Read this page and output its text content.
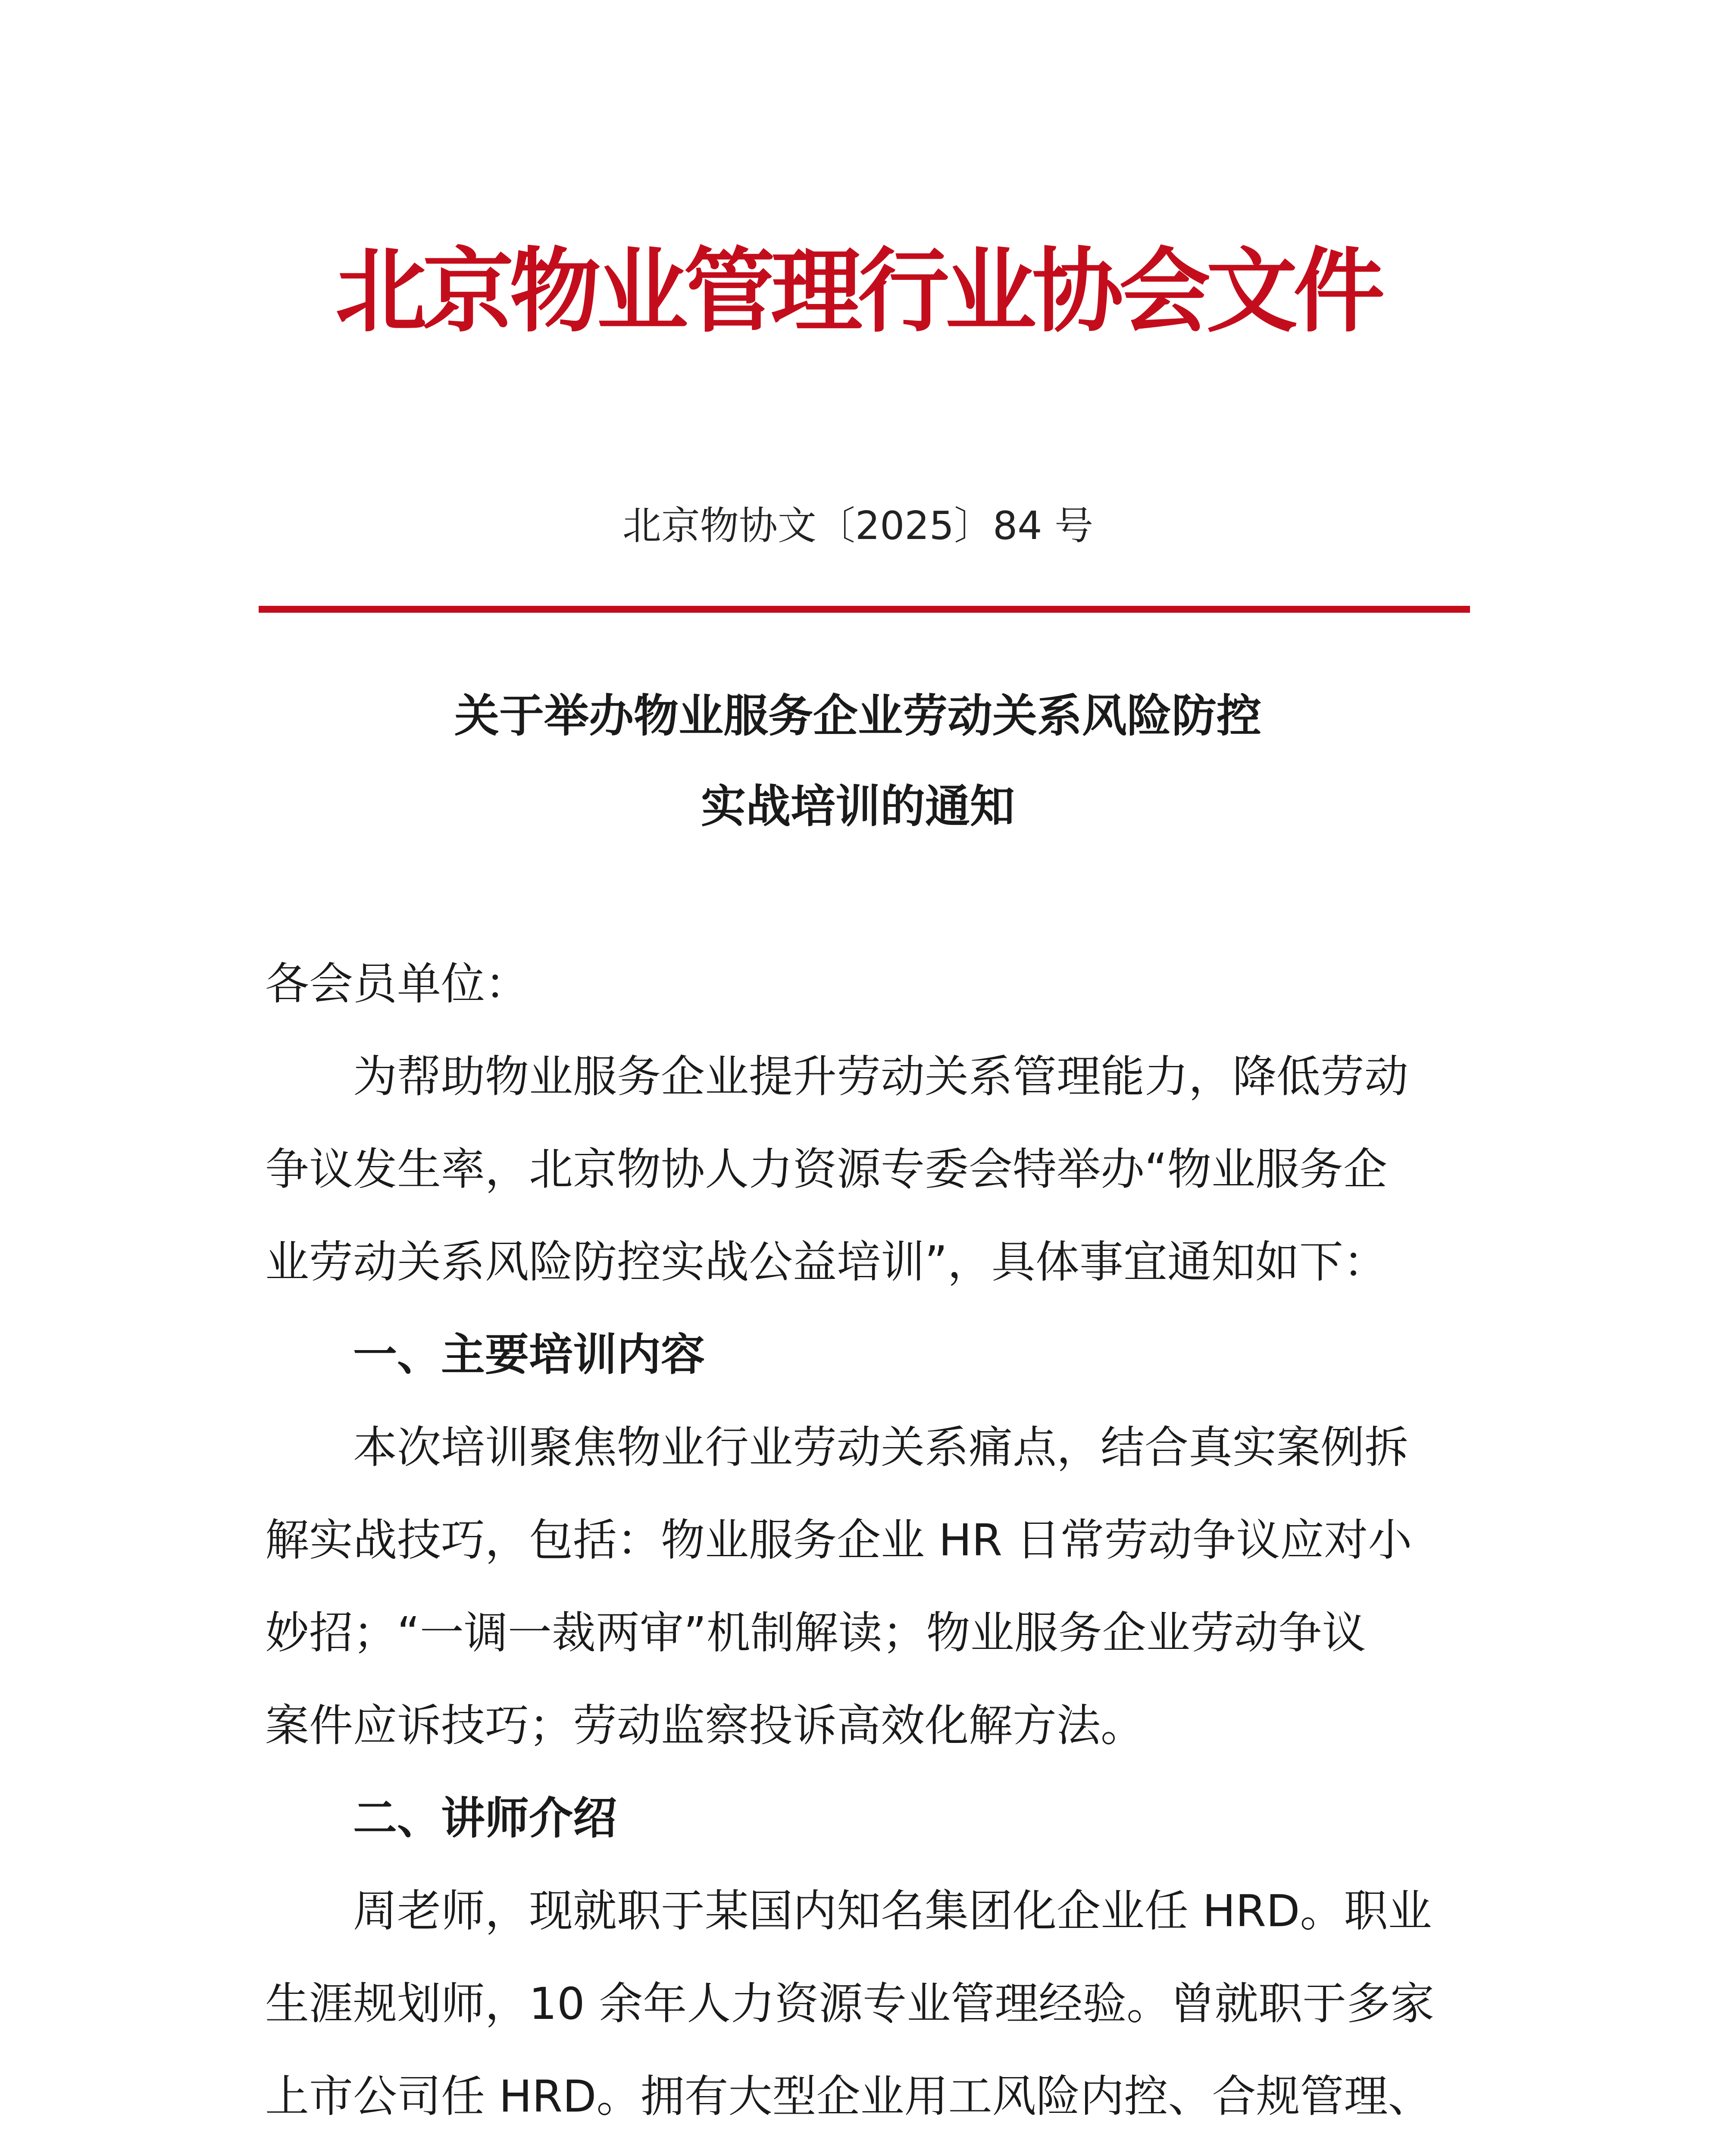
北京物业管理行业协会文件
北京物协文〔2025〕84 号
关于举办物业服务企业劳动关系风险防控
实战培训的通知
各会员单位：
为帮助物业服务企业提升劳动关系管理能力，降低劳动
争议发生率，北京物协人力资源专委会特举办“物业服务企
业劳动关系风险防控实战公益培训”，具体事宜通知如下：
一、主要培训内容
本次培训聚焦物业行业劳动关系痛点，结合真实案例拆
解实战技巧，包括：物业服务企业 HR 日常劳动争议应对小
妙招；“一调一裁两审”机制解读；物业服务企业劳动争议
案件应诉技巧；劳动监察投诉高效化解方法。
二、讲师介绍
周老师，现就职于某国内知名集团化企业任 HRD。职业
生涯规划师，10 余年人力资源专业管理经验。曾就职于多家
上市公司任 HRD。拥有大型企业用工风险内控、合规管理、
